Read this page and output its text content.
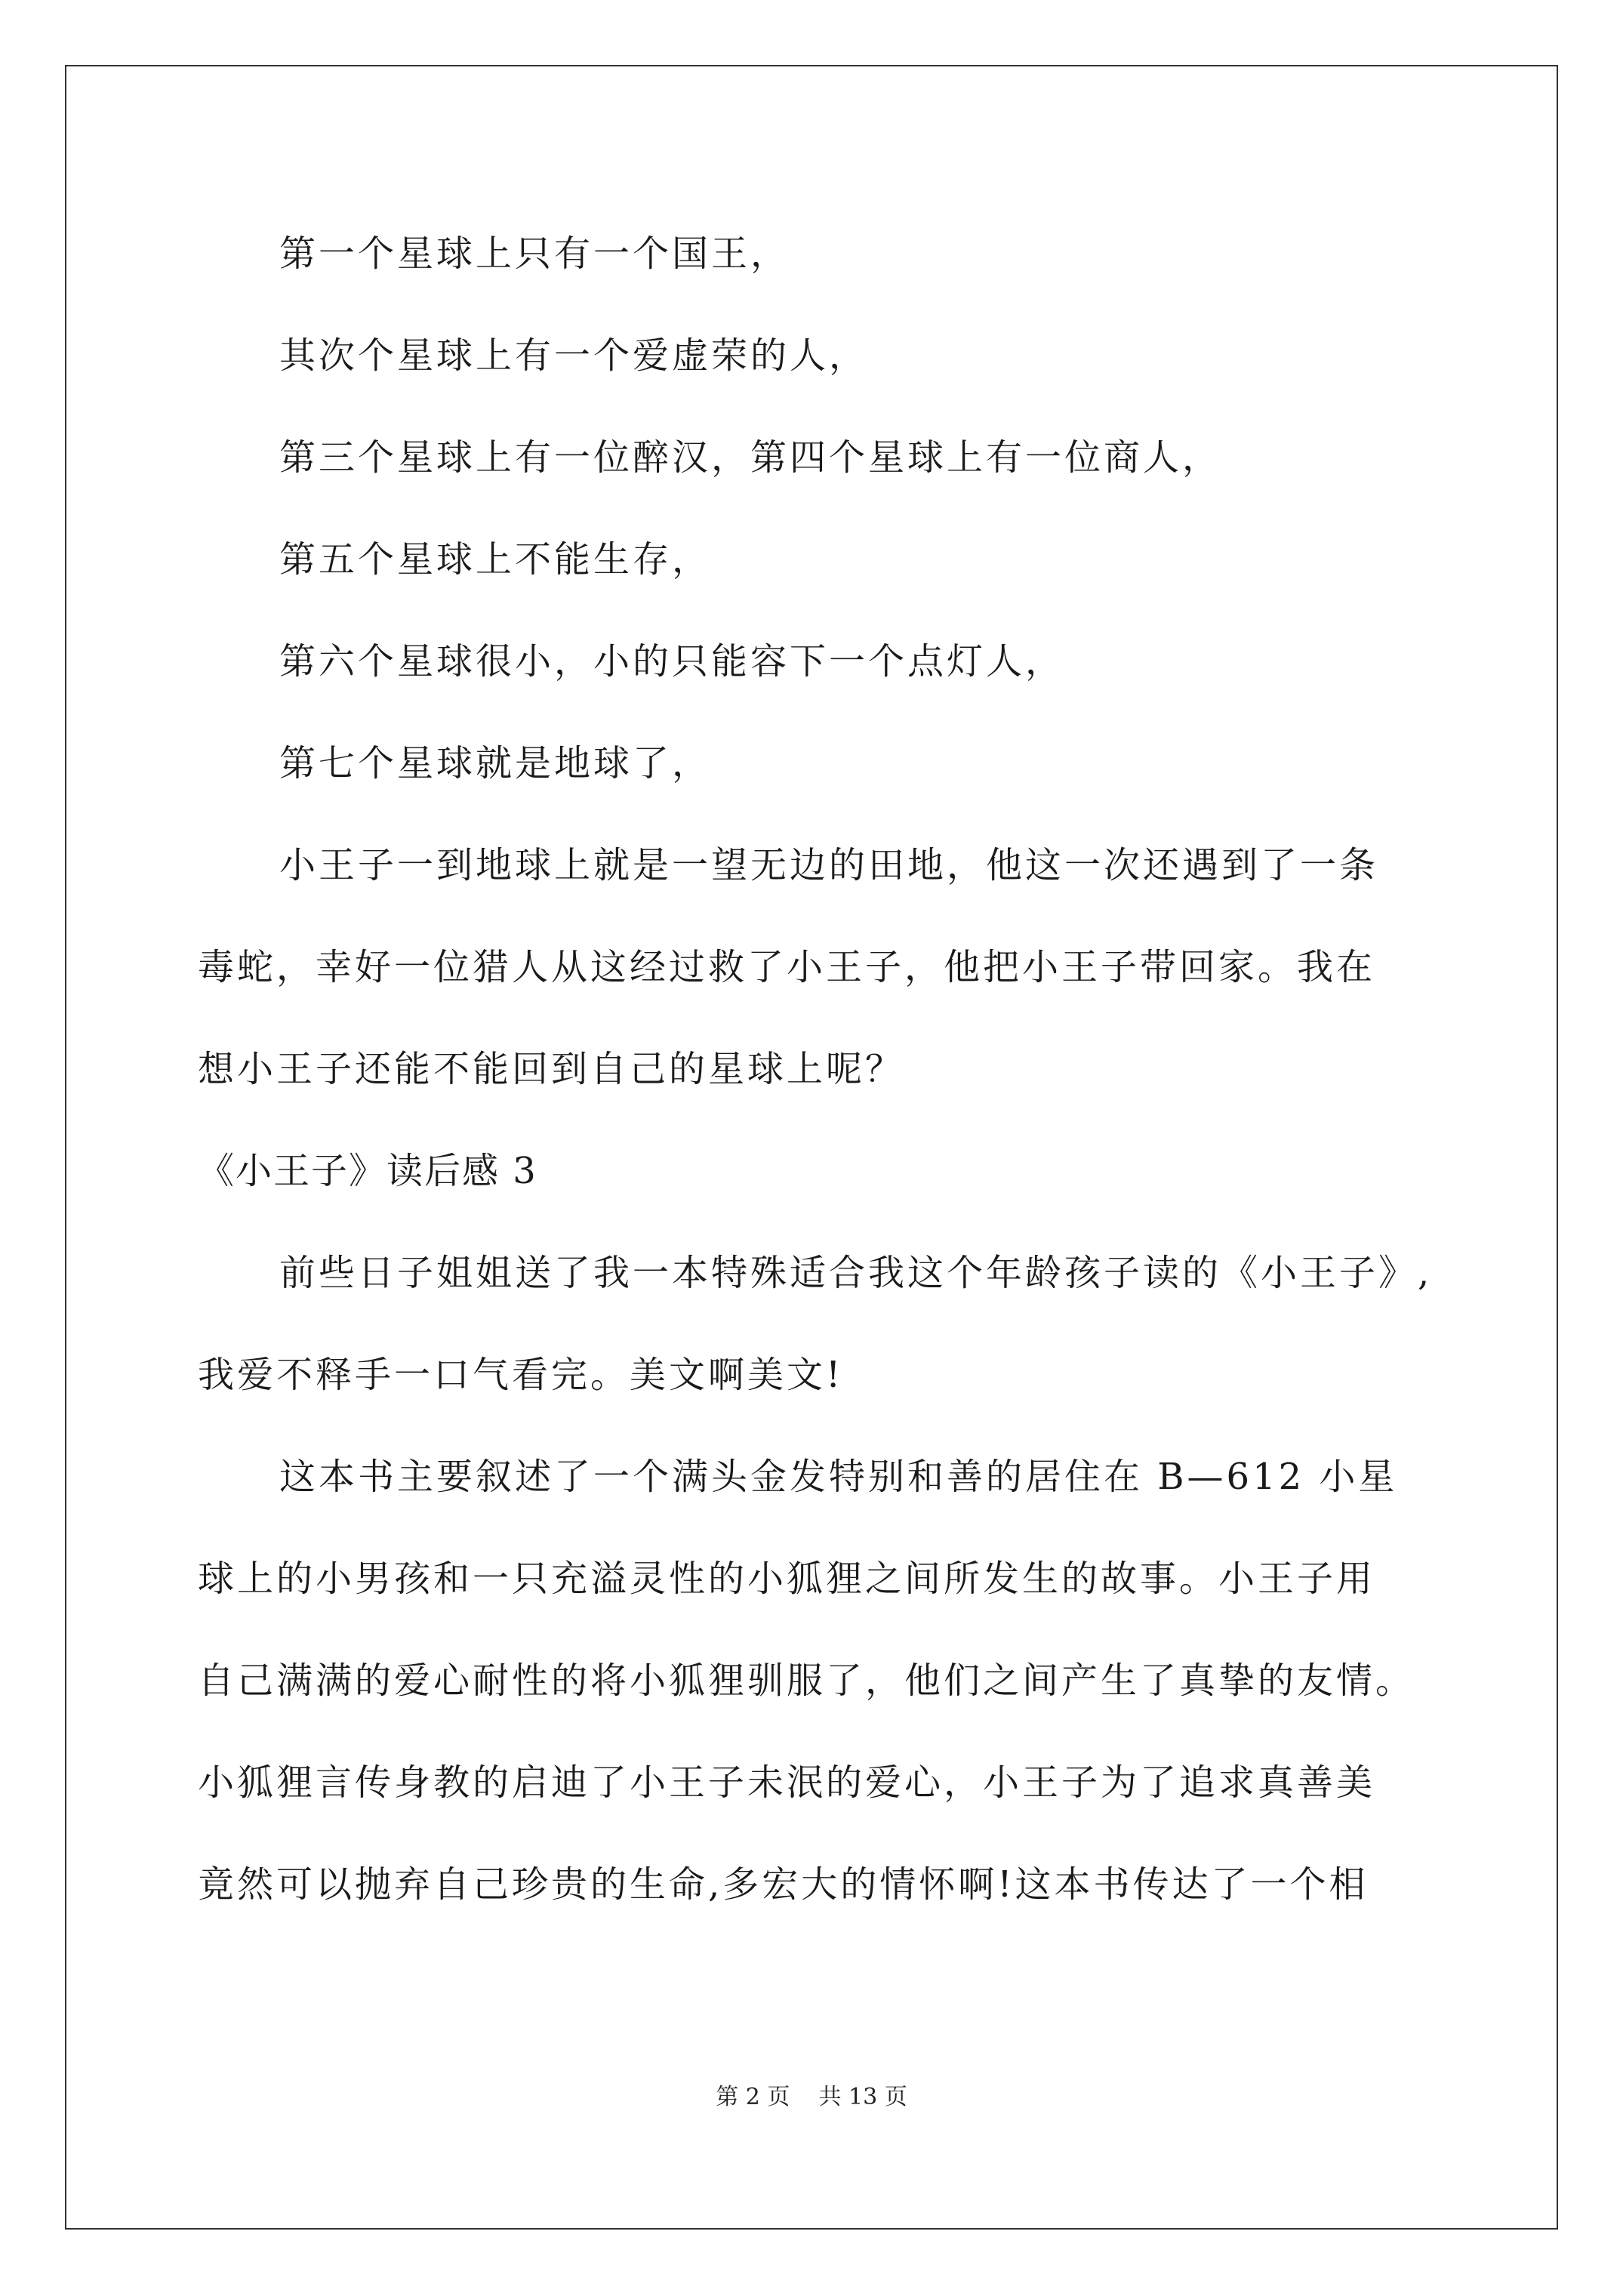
第一个星球上只有一个国王，
其次个星球上有一个爱虚荣的人，
第三个星球上有一位醉汉，第四个星球上有一位商人，
第五个星球上不能生存，
第六个星球很小，小的只能容下一个点灯人，
第七个星球就是地球了，
小王子一到地球上就是一望无边的田地，他这一次还遇到了一条
毒蛇，幸好一位猎人从这经过救了小王子，他把小王子带回家。我在
想小王子还能不能回到自己的星球上呢？
《小王子》读后感 3
前些日子姐姐送了我一本特殊适合我这个年龄孩子读的《小王子》,
我爱不释手一口气看完。美文啊美文!
这本书主要叙述了一个满头金发特别和善的居住在 B—612 小星
球上的小男孩和一只充溢灵性的小狐狸之间所发生的故事。小王子用
自己满满的爱心耐性的将小狐狸驯服了，他们之间产生了真挚的友情。
小狐狸言传身教的启迪了小王子未泯的爱心，小王子为了追求真善美
竟然可以抛弃自己珍贵的生命,多宏大的情怀啊!这本书传达了一个相
第 2 页    共 13 页
